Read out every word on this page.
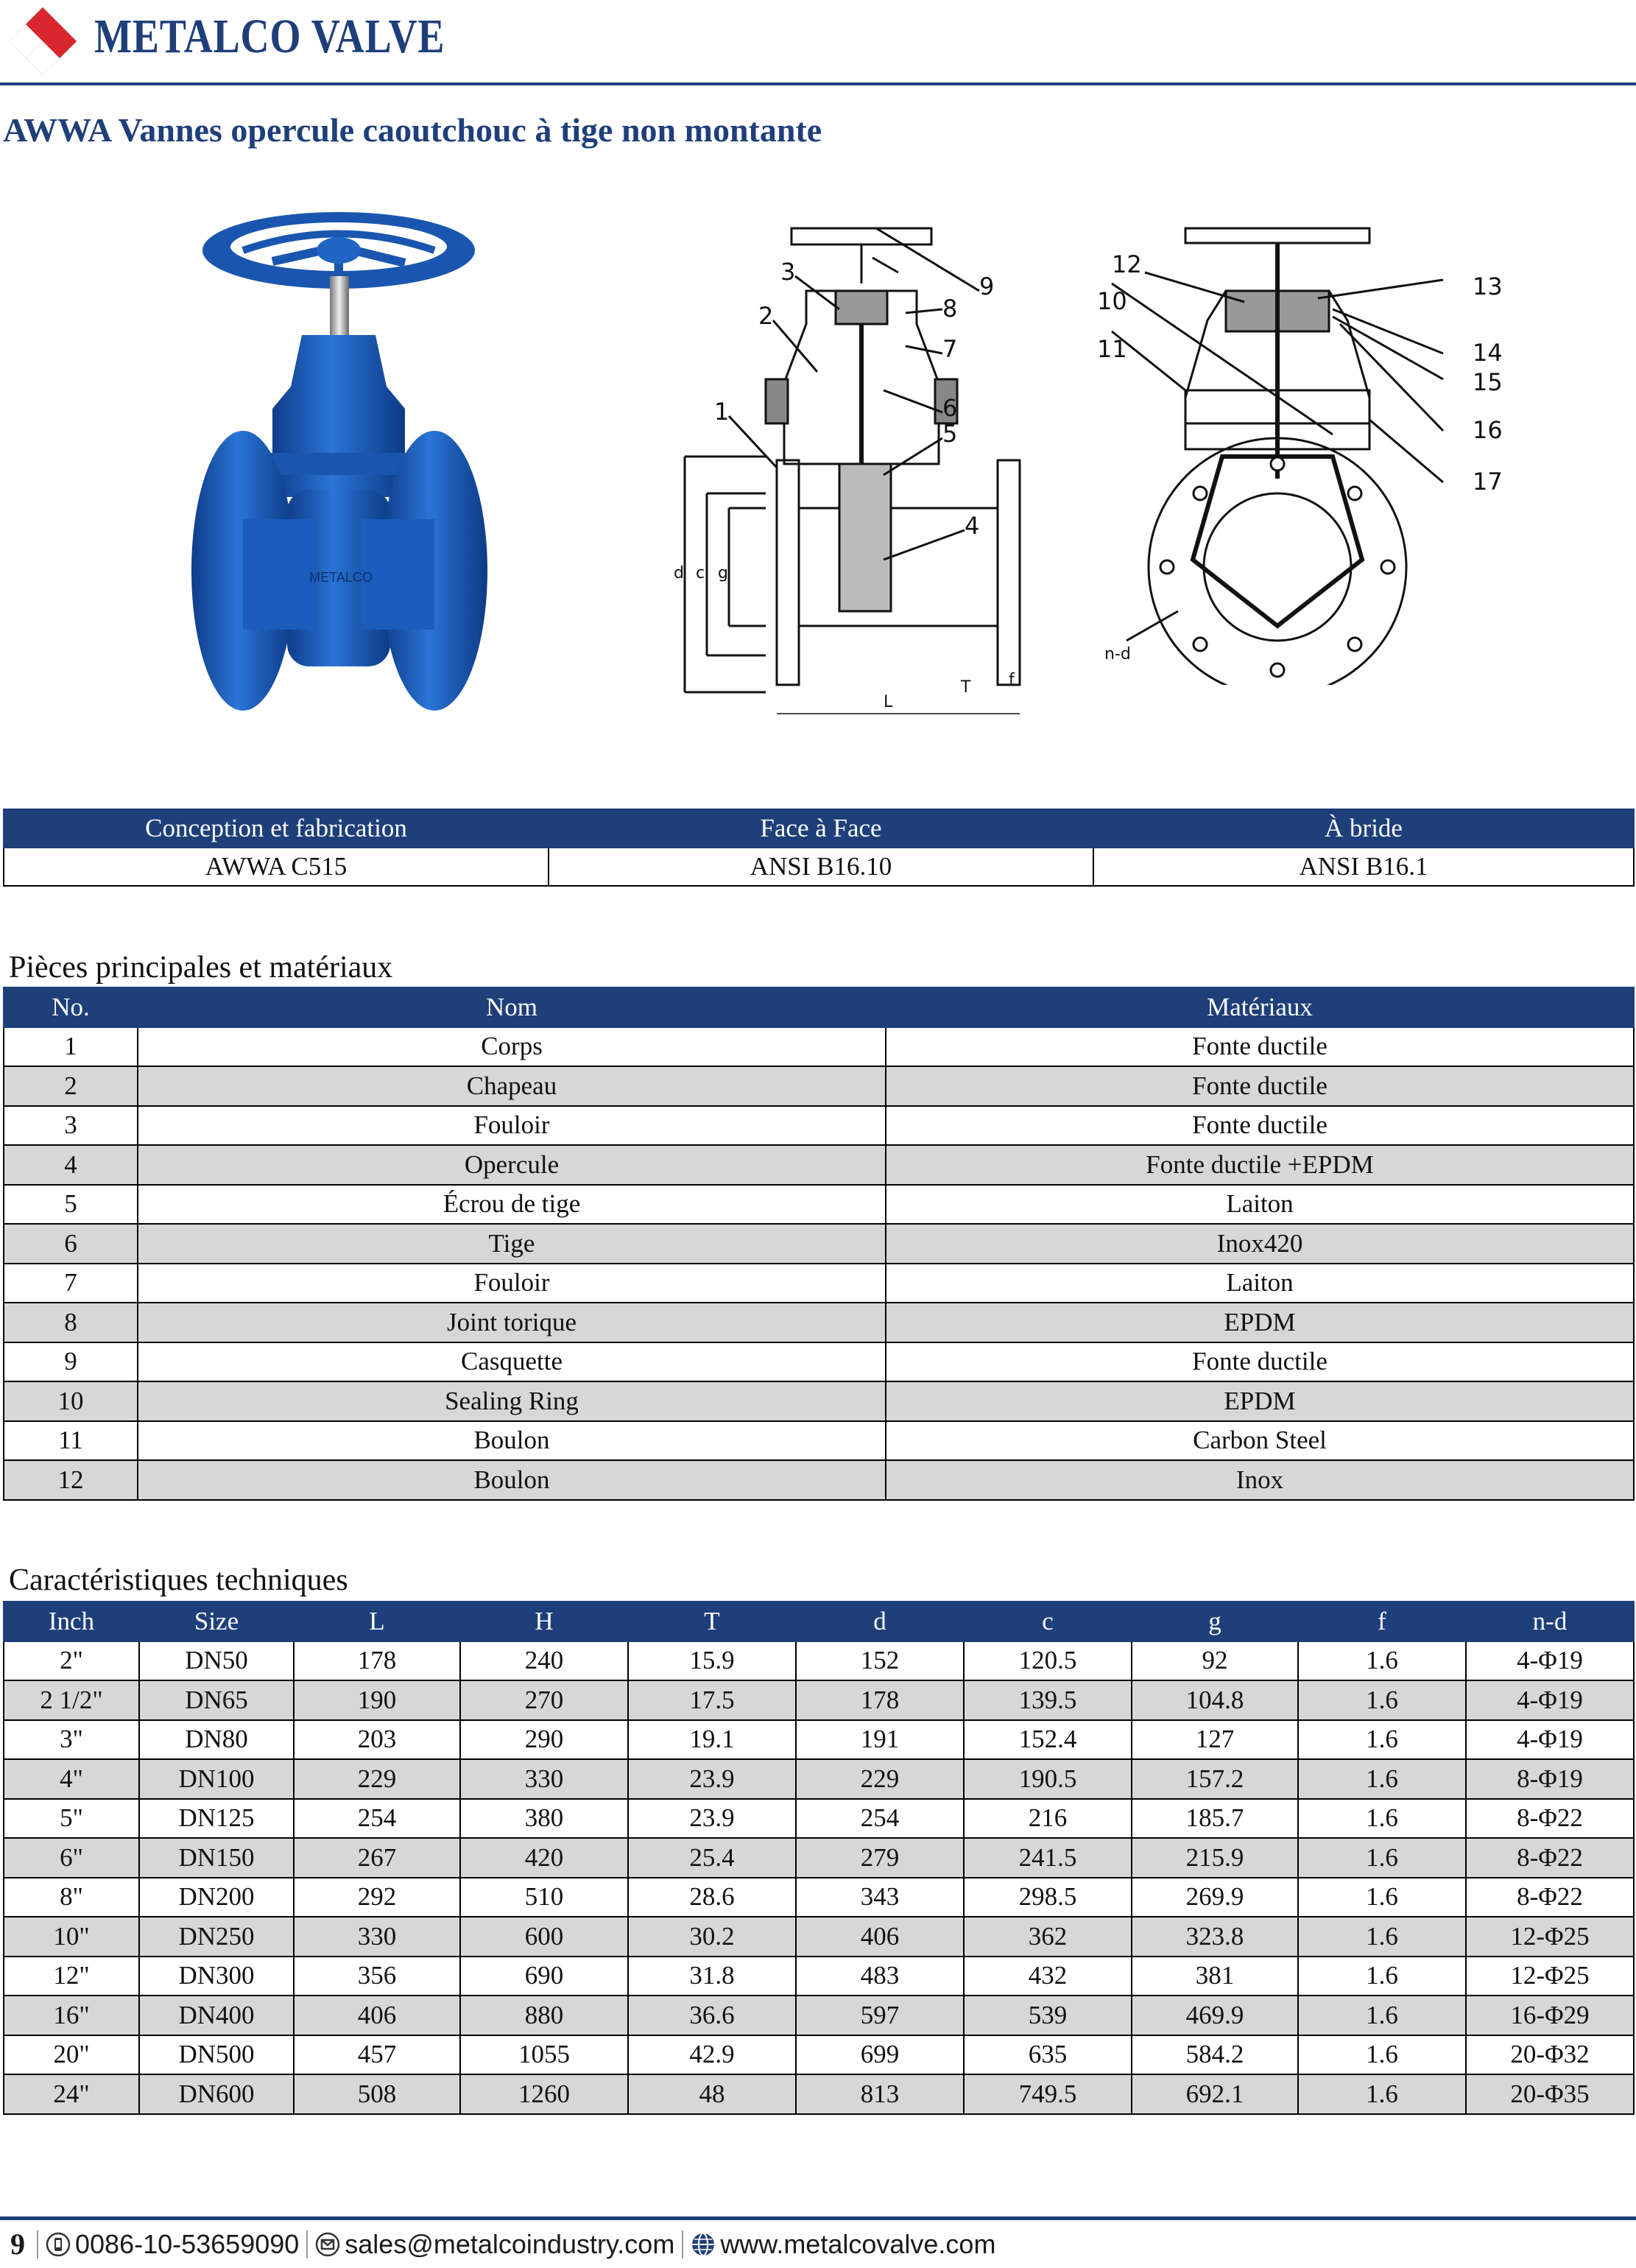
METALCO VALVE
AWWA Vannes opercule caoutchouc à tige non montante
METALCO
1
2
3
4
5
6
7
8
9
d c g
L
T f
10
11
12
13
14
15
16
17
n-d
Conception et fabrication	Face à Face	À bride
AWWA C515	ANSI B16.10	ANSI B16.1
Pièces principales et matériaux
No.	Nom	Matériaux
1	Corps	Fonte ductile
2	Chapeau	Fonte ductile
3	Fouloir	Fonte ductile
4	Opercule	Fonte ductile +EPDM
5	Écrou de tige	Laiton
6	Tige	Inox420
7	Fouloir	Laiton
8	Joint torique	EPDM
9	Casquette	Fonte ductile
10	Sealing Ring	EPDM
11	Boulon	Carbon Steel
12	Boulon	Inox
Caractéristiques techniques
Inch	Size	L	H	T	d	c	g	f	n-d
2"	DN50	178	240	15.9	152	120.5	92	1.6	4-Φ19
2 1/2"	DN65	190	270	17.5	178	139.5	104.8	1.6	4-Φ19
3"	DN80	203	290	19.1	191	152.4	127	1.6	4-Φ19
4"	DN100	229	330	23.9	229	190.5	157.2	1.6	8-Φ19
5"	DN125	254	380	23.9	254	216	185.7	1.6	8-Φ22
6"	DN150	267	420	25.4	279	241.5	215.9	1.6	8-Φ22
8"	DN200	292	510	28.6	343	298.5	269.9	1.6	8-Φ22
10"	DN250	330	600	30.2	406	362	323.8	1.6	12-Φ25
12"	DN300	356	690	31.8	483	432	381	1.6	12-Φ25
16"	DN400	406	880	36.6	597	539	469.9	1.6	16-Φ29
20"	DN500	457	1055	42.9	699	635	584.2	1.6	20-Φ32
24"	DN600	508	1260	48	813	749.5	692.1	1.6	20-Φ35
9 0086-10-53659090 sales@metalcoindustry.com www.metalcovalve.com
